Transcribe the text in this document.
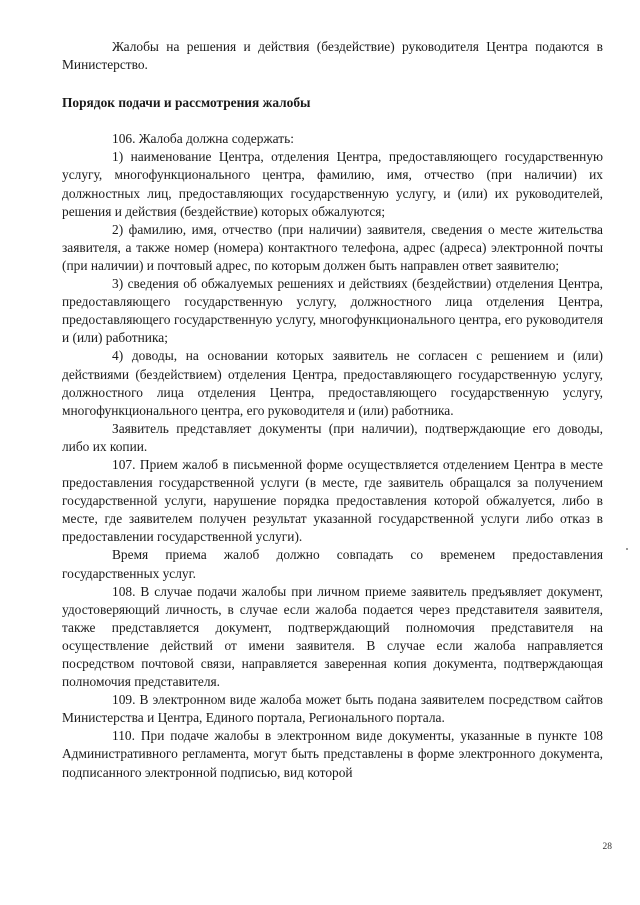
Жалобы на решения и действия (бездействие) руководителя Центра подаются в Министерство.

Порядок подачи и рассмотрения жалобы

106. Жалоба должна содержать:

1) наименование Центра, отделения Центра, предоставляющего государственную услугу, многофункционального центра, фамилию, имя, отчество (при наличии) их должностных лиц, предоставляющих государственную услугу, и (или) их руководителей, решения и действия (бездействие) которых обжалуются;

2) фамилию, имя, отчество (при наличии) заявителя, сведения о месте жительства заявителя, а также номер (номера) контактного телефона, адрес (адреса) электронной почты (при наличии) и почтовый адрес, по которым должен быть направлен ответ заявителю;

3) сведения об обжалуемых решениях и действиях (бездействии) отделения Центра, предоставляющего государственную услугу, должностного лица отделения Центра, предоставляющего государственную услугу, многофункционального центра, его руководителя и (или) работника;

4) доводы, на основании которых заявитель не согласен с решением и (или) действиями (бездействием) отделения Центра, предоставляющего государственную услугу, должностного лица отделения Центра, предоставляющего государственную услугу, многофункционального центра, его руководителя и (или) работника.

Заявитель представляет документы (при наличии), подтверждающие его доводы, либо их копии.

107. Прием жалоб в письменной форме осуществляется отделением Центра в месте предоставления государственной услуги (в месте, где заявитель обращался за получением государственной услуги, нарушение порядка предоставления которой обжалуется, либо в месте, где заявителем получен результат указанной государственной услуги либо отказ в предоставлении государственной услуги).

Время приема жалоб должно совпадать со временем предоставления государственных услуг.

108. В случае подачи жалобы при личном приеме заявитель предъявляет документ, удостоверяющий личность, в случае если жалоба подается через представителя заявителя, также представляется документ, подтверждающий полномочия представителя на осуществление действий от имени заявителя. В случае если жалоба направляется посредством почтовой связи, направляется заверенная копия документа, подтверждающая полномочия представителя.

109. В электронном виде жалоба может быть подана заявителем посредством сайтов Министерства и Центра, Единого портала, Регионального портала.

110. При подаче жалобы в электронном виде документы, указанные в пункте 108 Административного регламента, могут быть представлены в форме электронного документа, подписанного электронной подписью, вид которой

28
